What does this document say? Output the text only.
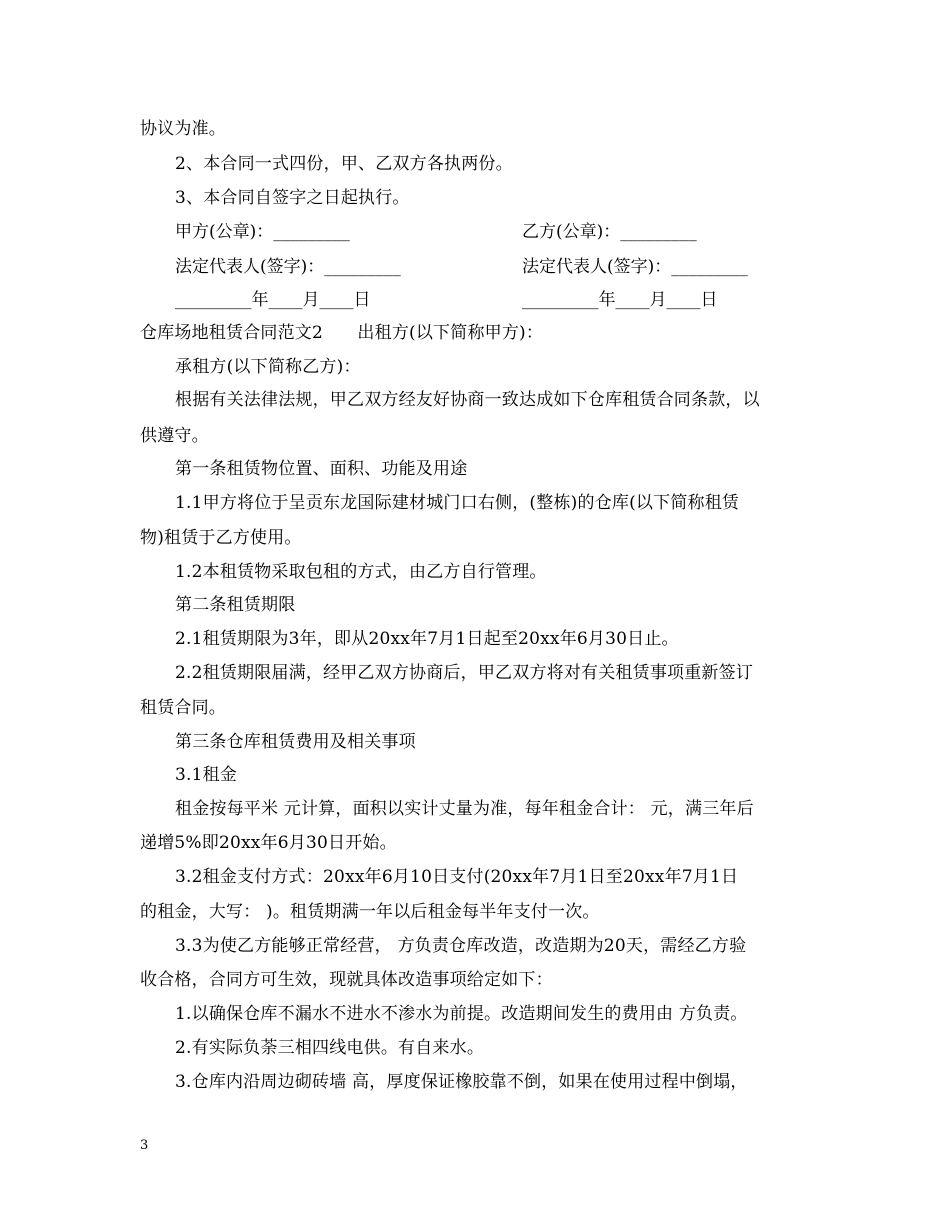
协议为准。
2、本合同一式四份，甲、乙双方各执两份。
3、本合同自签字之日起执行。
甲方(公章)：_________	乙方(公章)：_________
法定代表人(签字)：_________	法定代表人(签字)：_________
_________年____月____日	_________年____月____日
仓库场地租赁合同范文2　　出租方(以下简称甲方)：
承租方(以下简称乙方)：
根据有关法律法规，甲乙双方经友好协商一致达成如下仓库租赁合同条款，以
供遵守。
第一条租赁物位置、面积、功能及用途
1.1甲方将位于呈贡东龙国际建材城门口右侧，(整栋)的仓库(以下简称租赁
物)租赁于乙方使用。
1.2本租赁物采取包租的方式，由乙方自行管理。
第二条租赁期限
2.1租赁期限为3年，即从20xx年7月1日起至20xx年6月30日止。
2.2租赁期限届满，经甲乙双方协商后，甲乙双方将对有关租赁事项重新签订
租赁合同。
第三条仓库租赁费用及相关事项
3.1租金
租金按每平米 元计算，面积以实计丈量为准，每年租金合计： 元，满三年后
递增5%即20xx年6月30日开始。
3.2租金支付方式：20xx年6月10日支付(20xx年7月1日至20xx年7月1日
的租金，大写： )。租赁期满一年以后租金每半年支付一次。
3.3为使乙方能够正常经营， 方负责仓库改造，改造期为20天，需经乙方验
收合格，合同方可生效，现就具体改造事项给定如下：
1.以确保仓库不漏水不进水不渗水为前提。改造期间发生的费用由 方负责。
2.有实际负荼三相四线电供。有自来水。
3.仓库内沿周边砌砖墙 高，厚度保证橡胶靠不倒，如果在使用过程中倒塌，
3
